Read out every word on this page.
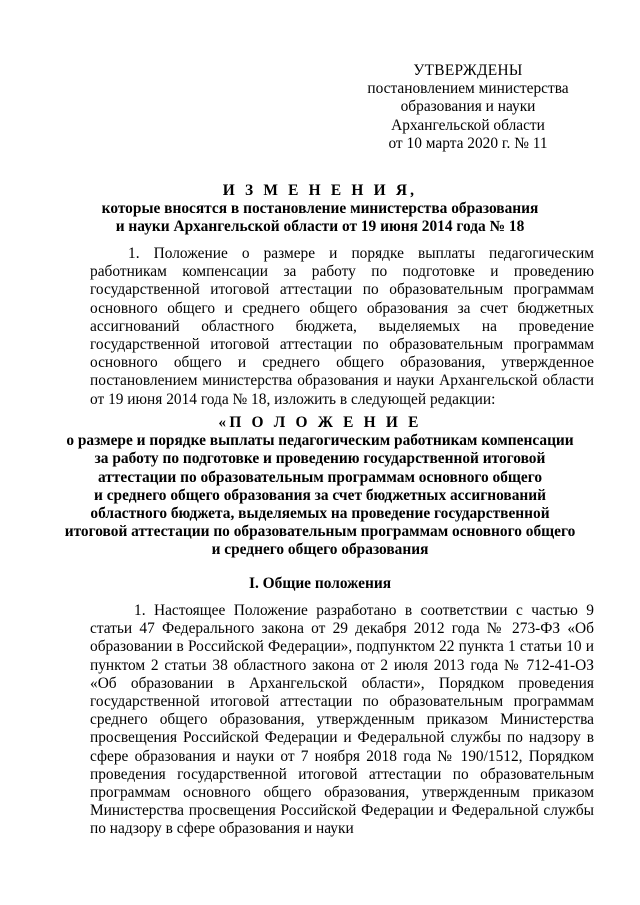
УТВЕРЖДЕНЫ
постановлением министерства
образования и науки
Архангельской области
от 10 марта 2020 г. № 11
И З М Е Н Е Н И Я,
которые вносятся в постановление министерства образования
и науки Архангельской области от 19 июня 2014 года № 18

1. Положение о размере и порядке выплаты педагогическим работникам компенсации за работу по подготовке и проведению государственной итоговой аттестации по образовательным программам основного общего и среднего общего образования за счет бюджетных ассигнований областного бюджета, выделяемых на проведение государственной итоговой аттестации по образовательным программам основного общего и среднего общего образования, утвержденное постановлением министерства образования и науки Архангельской области от 19 июня 2014 года № 18, изложить в следующей редакции:

«П О Л О Ж Е Н И Е
о размере и порядке выплаты педагогическим работникам компенсации
за работу по подготовке и проведению государственной итоговой
аттестации по образовательным программам основного общего
и среднего общего образования за счет бюджетных ассигнований
областного бюджета, выделяемых на проведение государственной
итоговой аттестации по образовательным программам основного общего
и среднего общего образования
I. Общие положения

1. Настоящее Положение разработано в соответствии с частью 9 статьи 47 Федерального закона от 29 декабря 2012 года № 273-ФЗ «Об образовании в Российской Федерации», подпунктом 22 пункта 1 статьи 10 и пунктом 2 статьи 38 областного закона от 2 июля 2013 года № 712-41-ОЗ «Об образовании в Архангельской области», Порядком проведения государственной итоговой аттестации по образовательным программам среднего общего образования, утвержденным приказом Министерства просвещения Российской Федерации и Федеральной службы по надзору в сфере образования и науки от 7 ноября 2018 года № 190/1512, Порядком проведения государственной итоговой аттестации по образовательным программам основного общего образования, утвержденным приказом Министерства просвещения Российской Федерации и Федеральной службы по надзору в сфере образования и науки
